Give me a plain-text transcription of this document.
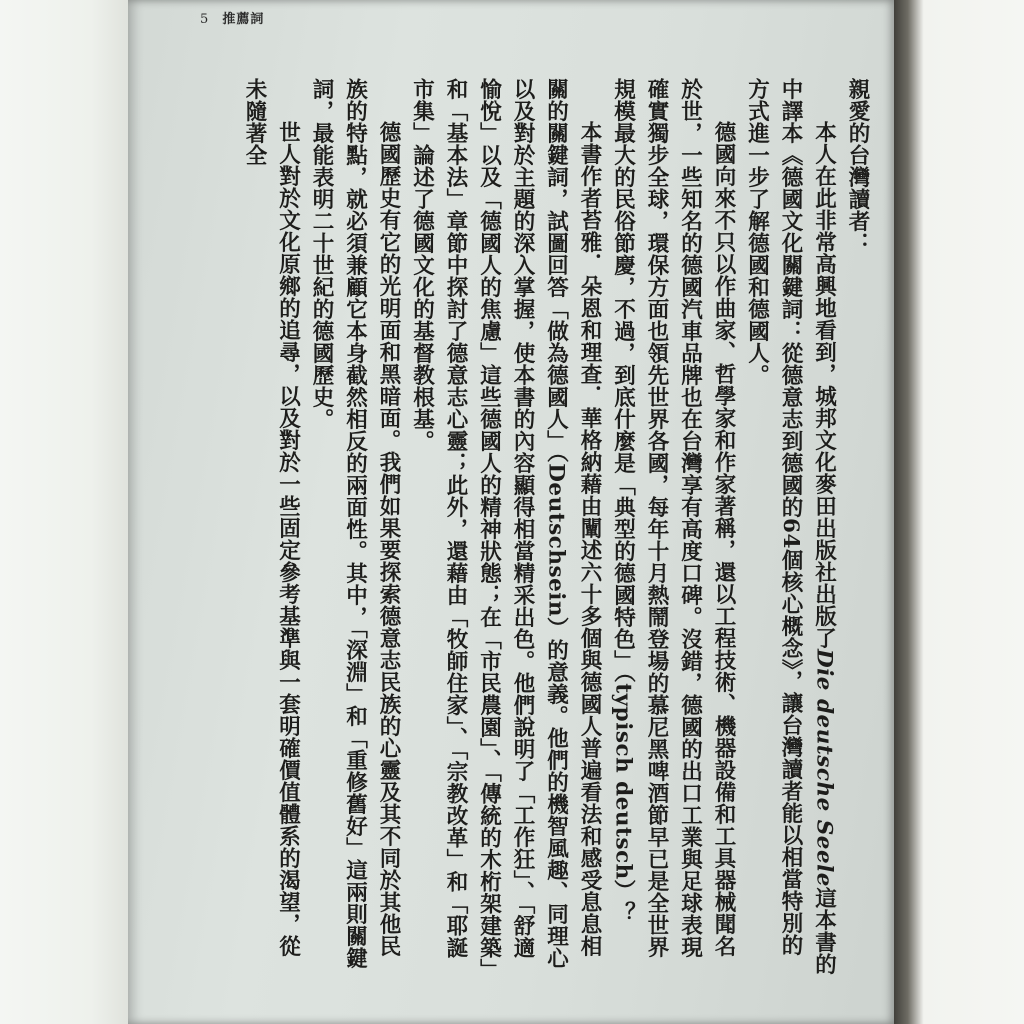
5 推薦詞

親愛的台灣讀者：

本人在此非常高興地看到，城邦文化麥田出版社出版了Die deutsche Seele這本書的中譯本《德國文化關鍵詞：從德意志到德國的64個核心概念》，讓台灣讀者能以相當特別的方式進一步了解德國和德國人。

德國向來不只以作曲家、哲學家和作家著稱，還以工程技術、機器設備和工具器械聞名於世，一些知名的德國汽車品牌也在台灣享有高度口碑。沒錯，德國的出口工業與足球表現確實獨步全球，環保方面也領先世界各國，每年十月熱鬧登場的慕尼黑啤酒節早已是全世界規模最大的民俗節慶，不過，到底什麼是「典型的德國特色」（typisch deutsch）？

本書作者苔雅．朵恩和理查．華格納藉由闡述六十多個與德國人普遍看法和感受息息相關的關鍵詞，試圖回答「做為德國人」（Deutschsein）的意義。他們的機智風趣、同理心以及對於主題的深入掌握，使本書的內容顯得相當精采出色。他們說明了「工作狂」、「舒適愉悅」以及「德國人的焦慮」這些德國人的精神狀態；在「市民農園」、「傳統的木桁架建築」和「基本法」章節中探討了德意志心靈；此外，還藉由「牧師住家」、「宗教改革」和「耶誕市集」論述了德國文化的基督教根基。

德國歷史有它的光明面和黑暗面。我們如果要探索德意志民族的心靈及其不同於其他民族的特點，就必須兼顧它本身截然相反的兩面性。其中，「深淵」和「重修舊好」這兩則關鍵詞，最能表明二十世紀的德國歷史。

世人對於文化原鄉的追尋，以及對於一些固定參考基準與一套明確價值體系的渴望，從未隨著全
